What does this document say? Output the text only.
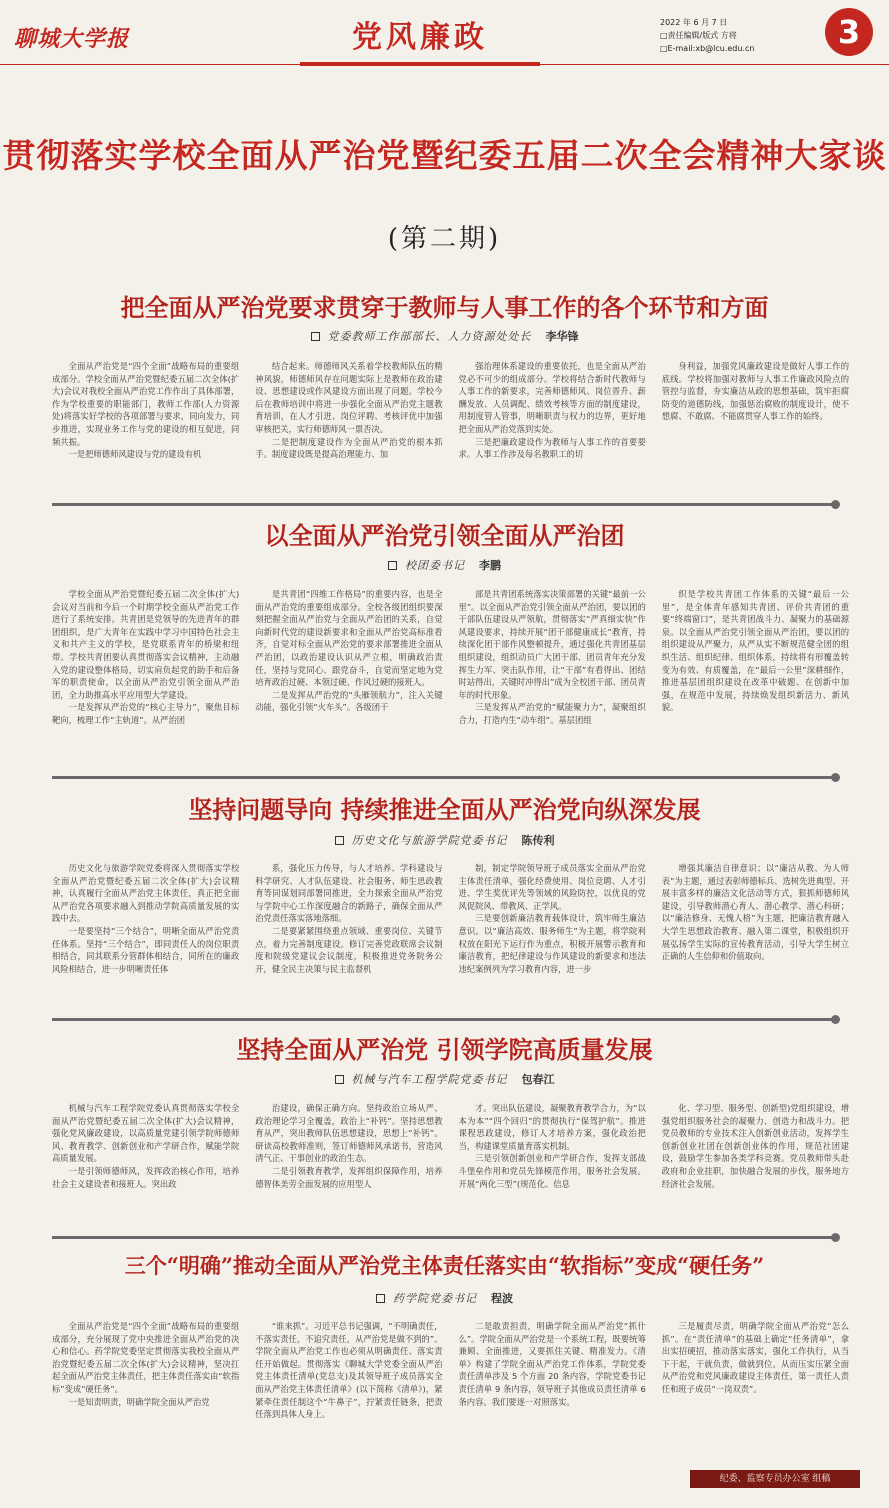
聊城大学报	党风廉政	2022 年 6 月 7 日
□责任编辑/版式 方将
□E-mail:xb@lcu.edu.cn	3
贯彻落实学校全面从严治党暨纪委五届二次全会精神大家谈
(第二期)
把全面从严治党要求贯穿于教师与人事工作的各个环节和方面
党委教师工作部部长、人力资源处处长 李华锋

全面从严治党是“四个全面”战略布局的重要组成部分。学校全面从严治党暨纪委五届二次全体(扩大)会议对我校全面从严治党工作作出了具体部署，作为学校重要的职能部门，教师工作部(人力资源处)将落实好学校的各项部署与要求，同向发力，同步推进，实现业务工作与党的建设的相互促进，同频共振。

一是把师德师风建设与党的建设有机

结合起来。师德师风关系着学校教师队伍的精神风貌，师德师风存在问题实际上是教师在政治建设、思想建设或作风建设方面出现了问题。学校今后在教师培训中将进一步强化全面从严治党主题教育培训，在人才引进、岗位评聘、考核评优中加强审核把关，实行师德师风一票否决。

二是把制度建设作为全面从严治党的根本抓手。制度建设既是提高治理能力、加

强治理体系建设的重要依托，也是全面从严治党必不可少的组成部分。学校将结合新时代教师与人事工作的新要求，完善师德师风、岗位晋升、薪酬发放、人员调配、绩效考核等方面的制度建设，用制度管人管事，明晰职责与权力的边界，更好地把全面从严治党落到实处。

三是把廉政建设作为教师与人事工作的首要要求。人事工作涉及每名教职工的切

身利益，加强党风廉政建设是做好人事工作的底线。学校将加强对教师与人事工作廉政风险点的管控与监督，夯实廉洁从政的思想基础，筑牢拒腐防变的道德防线，加强惩治腐败的制度设计，使不想腐、不敢腐、不能腐贯穿人事工作的始终。

以全面从严治党引领全面从严治团
校团委书记 李鹏

学校全面从严治党暨纪委五届二次全体(扩大)会议对当前和今后一个时期学校全面从严治党工作进行了系统安排。共青团是党领导的先进青年的群团组织，是广大青年在实践中学习中国特色社会主义和共产主义的学校，是党联系青年的桥梁和纽带。学校共青团要认真贯彻落实会议精神，主动融入党的建设整体格局，切实肩负起党的助手和后备军的职责使命，以全面从严治党引领全面从严治团，全力助推高水平应用型大学建设。

一是发挥从严治党的“核心主导力”，聚焦目标靶向，梳理工作“主轨道”。从严治团

是共青团“四维工作格局”的重要内容，也是全面从严治党的重要组成部分。全校各级团组织要深刻把握全面从严治党与全面从严治团的关系，自觉向新时代党的建设新要求和全面从严治党高标准看齐，自觉对标全面从严治党的要求部署推进全面从严治团，以政治建设认识从严立根，明确政治责任，坚持与党同心、跟党奋斗，自觉而坚定地为党培育政治过硬、本领过硬、作风过硬的接班人。

二是发挥从严治党的“头雁领航力”，注入关键动能，强化引领“火车头”。各级团干

部是共青团系统落实决策部署的关键“最前一公里”。以全面从严治党引领全面从严治团，要以团的干部队伍建设从严领航，贯彻落实“严真细实快”作风建设要求，持续开展“团干部健康成长”教育，持续深化团干部作风整顿提升，通过强化共青团基层组织建设，组织动员广大团干部、团员青年充分发挥生力军、突击队作用，让“干部”有看得出、团结时站得出，关键时冲得出”成为全校团干部、团员青年的时代形象。

三是发挥从严治党的“赋能聚力力”，凝聚组织合力，打造内生“动车组”。基层团组

织是学校共青团工作体系的关键“最后一公里”，是全体青年感知共青团、评价共青团的重要“终端窗口”，是共青团战斗力、凝聚力的基础源泉。以全面从严治党引领全面从严治团，要以团的组织建设从严聚力，从严从实不断规范健全团的组织生活、组织纪律、组织体系，持续将有形覆盖转变为有效、有质覆盖，在“最后一公里”深耕细作，推进基层团组织建设在改革中破题、在创新中加强，在规范中发展，持续焕发组织新活力、新风貌。

坚持问题导向 持续推进全面从严治党向纵深发展
历史文化与旅游学院党委书记 陈传利

历史文化与旅游学院党委将深入贯彻落实学校全面从严治党暨纪委五届二次全体(扩大)会议精神，认真履行全面从严治党主体责任，真正把全面从严治党各项要求融入到推动学院高质量发展的实践中去。

一是要坚持“三个结合”，明晰全面从严治党责任体系。坚持“三个结合”，即同责任人的岗位职责相结合，同其联系分管群体相结合，同所在的廉政风险相结合，进一步明晰责任体

系，强化压力传导，与人才培养、学科建设与科学研究、人才队伍建设、社会服务、师生思政教育等同谋划同部署同推进，全力探索全面从严治党与学院中心工作深度融合的新路子，确保全面从严治党责任落实落地落细。

二是要紧紧围绕重点领域、重要岗位、关键节点，着力完善制度建设。修订完善党政联席会议制度和院级党建议会议制度，积极推进党务院务公开，健全民主决策与民主监督机

制，制定学院领导班子成员落实全面从严治党主体责任清单，强化经费使用、岗位竞聘、人才引进、学生奖优评先等领域的风险防控，以优良的党风促院风、带教风、正学风。

三是要创新廉洁教育载体设计，筑牢师生廉洁意识。以“廉洁高效、服务师生”为主题，将学院利权放在阳光下运行作为重点，积极开展警示教育和廉洁教育，把纪律建设与作风建设的新要求和违法违纪案例列为学习教育内容，进一步

增强其廉洁自律意识；以“廉洁从教、为人师表”为主题，通过表彰师德标兵、选树先进典型、开展丰富多样的廉洁文化活动等方式，狠抓师德师风建设，引导教师潜心育人、潜心教学、潜心科研；以“廉洁修身、无愧人格”为主题，把廉洁教育融入大学生思想政治教育、融入第二课堂，积极组织开展弘扬学生实际的宣传教育活动，引导大学生树立正确的人生信仰和价值取向。

坚持全面从严治党 引领学院高质量发展
机械与汽车工程学院党委书记 包春江

机械与汽车工程学院党委认真贯彻落实学校全面从严治党暨纪委五届二次全体(扩大)会议精神，强化党风廉政建设，以高质量党建引领学院师德师风、教育教学、创新创业和产学研合作，赋能学院高质量发展。

一是引领师德师风，发挥政治核心作用，培养社会主义建设者和接班人。突出政

治建设，确保正确方向。坚持政治立场从严、政治理论学习全覆盖，政治上“补钙”。坚持思想教育从严，突出教师队伍思想建设，思想上“补钙”。研读高校教师准则，签订师德师风承诺书，营造风清气正、干事创业的政治生态。

二是引领教育教学，发挥组织保障作用，培养德智体美劳全面发展的应用型人

才。突出队伍建设，凝聚教育教学合力，为“以本为本”“四个回归”的贯彻执行“保驾护航”。推进课程思政建设，修订人才培养方案，强化政治把当，构建课堂质量育落实机制。

三是引领创新创业和产学研合作，发挥支部战斗堡垒作用和党员先锋模范作用，服务社会发展。开展“两化三型”(规范化、信息

化、学习型、服务型、创新型)党组织建设，增强党组织服务社会的凝聚力、创造力和战斗力。把党员教师的专业技术注入创新创业活动，发挥学生创新创业社团在创新创业体的作用，规范社团建设，鼓励学生参加各类学科竞赛。党员教师带头赴政府和企业挂职，加快融合发展的步伐，服务地方经济社会发展。

三个“明确”推动全面从严治党主体责任落实由“软指标”变成“硬任务”
药学院党委书记 程波

全面从严治党是“四个全面”战略布局的重要组成部分，充分展现了党中央推进全面从严治党的决心和信心。药学院党委坚定贯彻落实我校全面从严治党暨纪委五届二次全体(扩大)会议精神，坚决扛起全面从严治党主体责任，把主体责任落实由“软指标”变成“硬任务”。

一是知责明责，明确学院全面从严治党

“谁来抓”。习近平总书记强调，“不明确责任，不落实责任，不追究责任，从严治党是做不到的”。学院全面从严治党工作也必须从明确责任、落实责任开始做起。贯彻落实《聊城大学党委全面从严治党主体责任清单(党总支)及其领导班子成员落实全面从严治党主体责任清单》(以下简称《清单》)，紧紧牵住责任制这个“牛鼻子”，拧紧责任链条，把责任落到具体人身上。

二是敢责担责，明确学院全面从严治党“抓什么”。学院全面从严治党是一个系统工程，既要统筹兼顾、全面推进，又要抓住关键、精准发力。《清单》构建了学院全面从严治党工作体系，学院党委责任清单涉及 5 个方面 20 条内容，学院党委书记责任清单 9 条内容，领导班子其他成员责任清单 6 条内容。我们要逐一对照落实。

三是履责尽责，明确学院全面从严治党“怎么抓”。在“责任清单”的基础上确定“任务清单”，拿出实招硬招，推动落实落实，强化工作执行，从当下干起，干就负责，做就到位。从而压实压紧全面从严治党和党风廉政建设主体责任，第一责任人责任和班子成员“一岗双责”。

纪委、监察专员办公室 组稿
